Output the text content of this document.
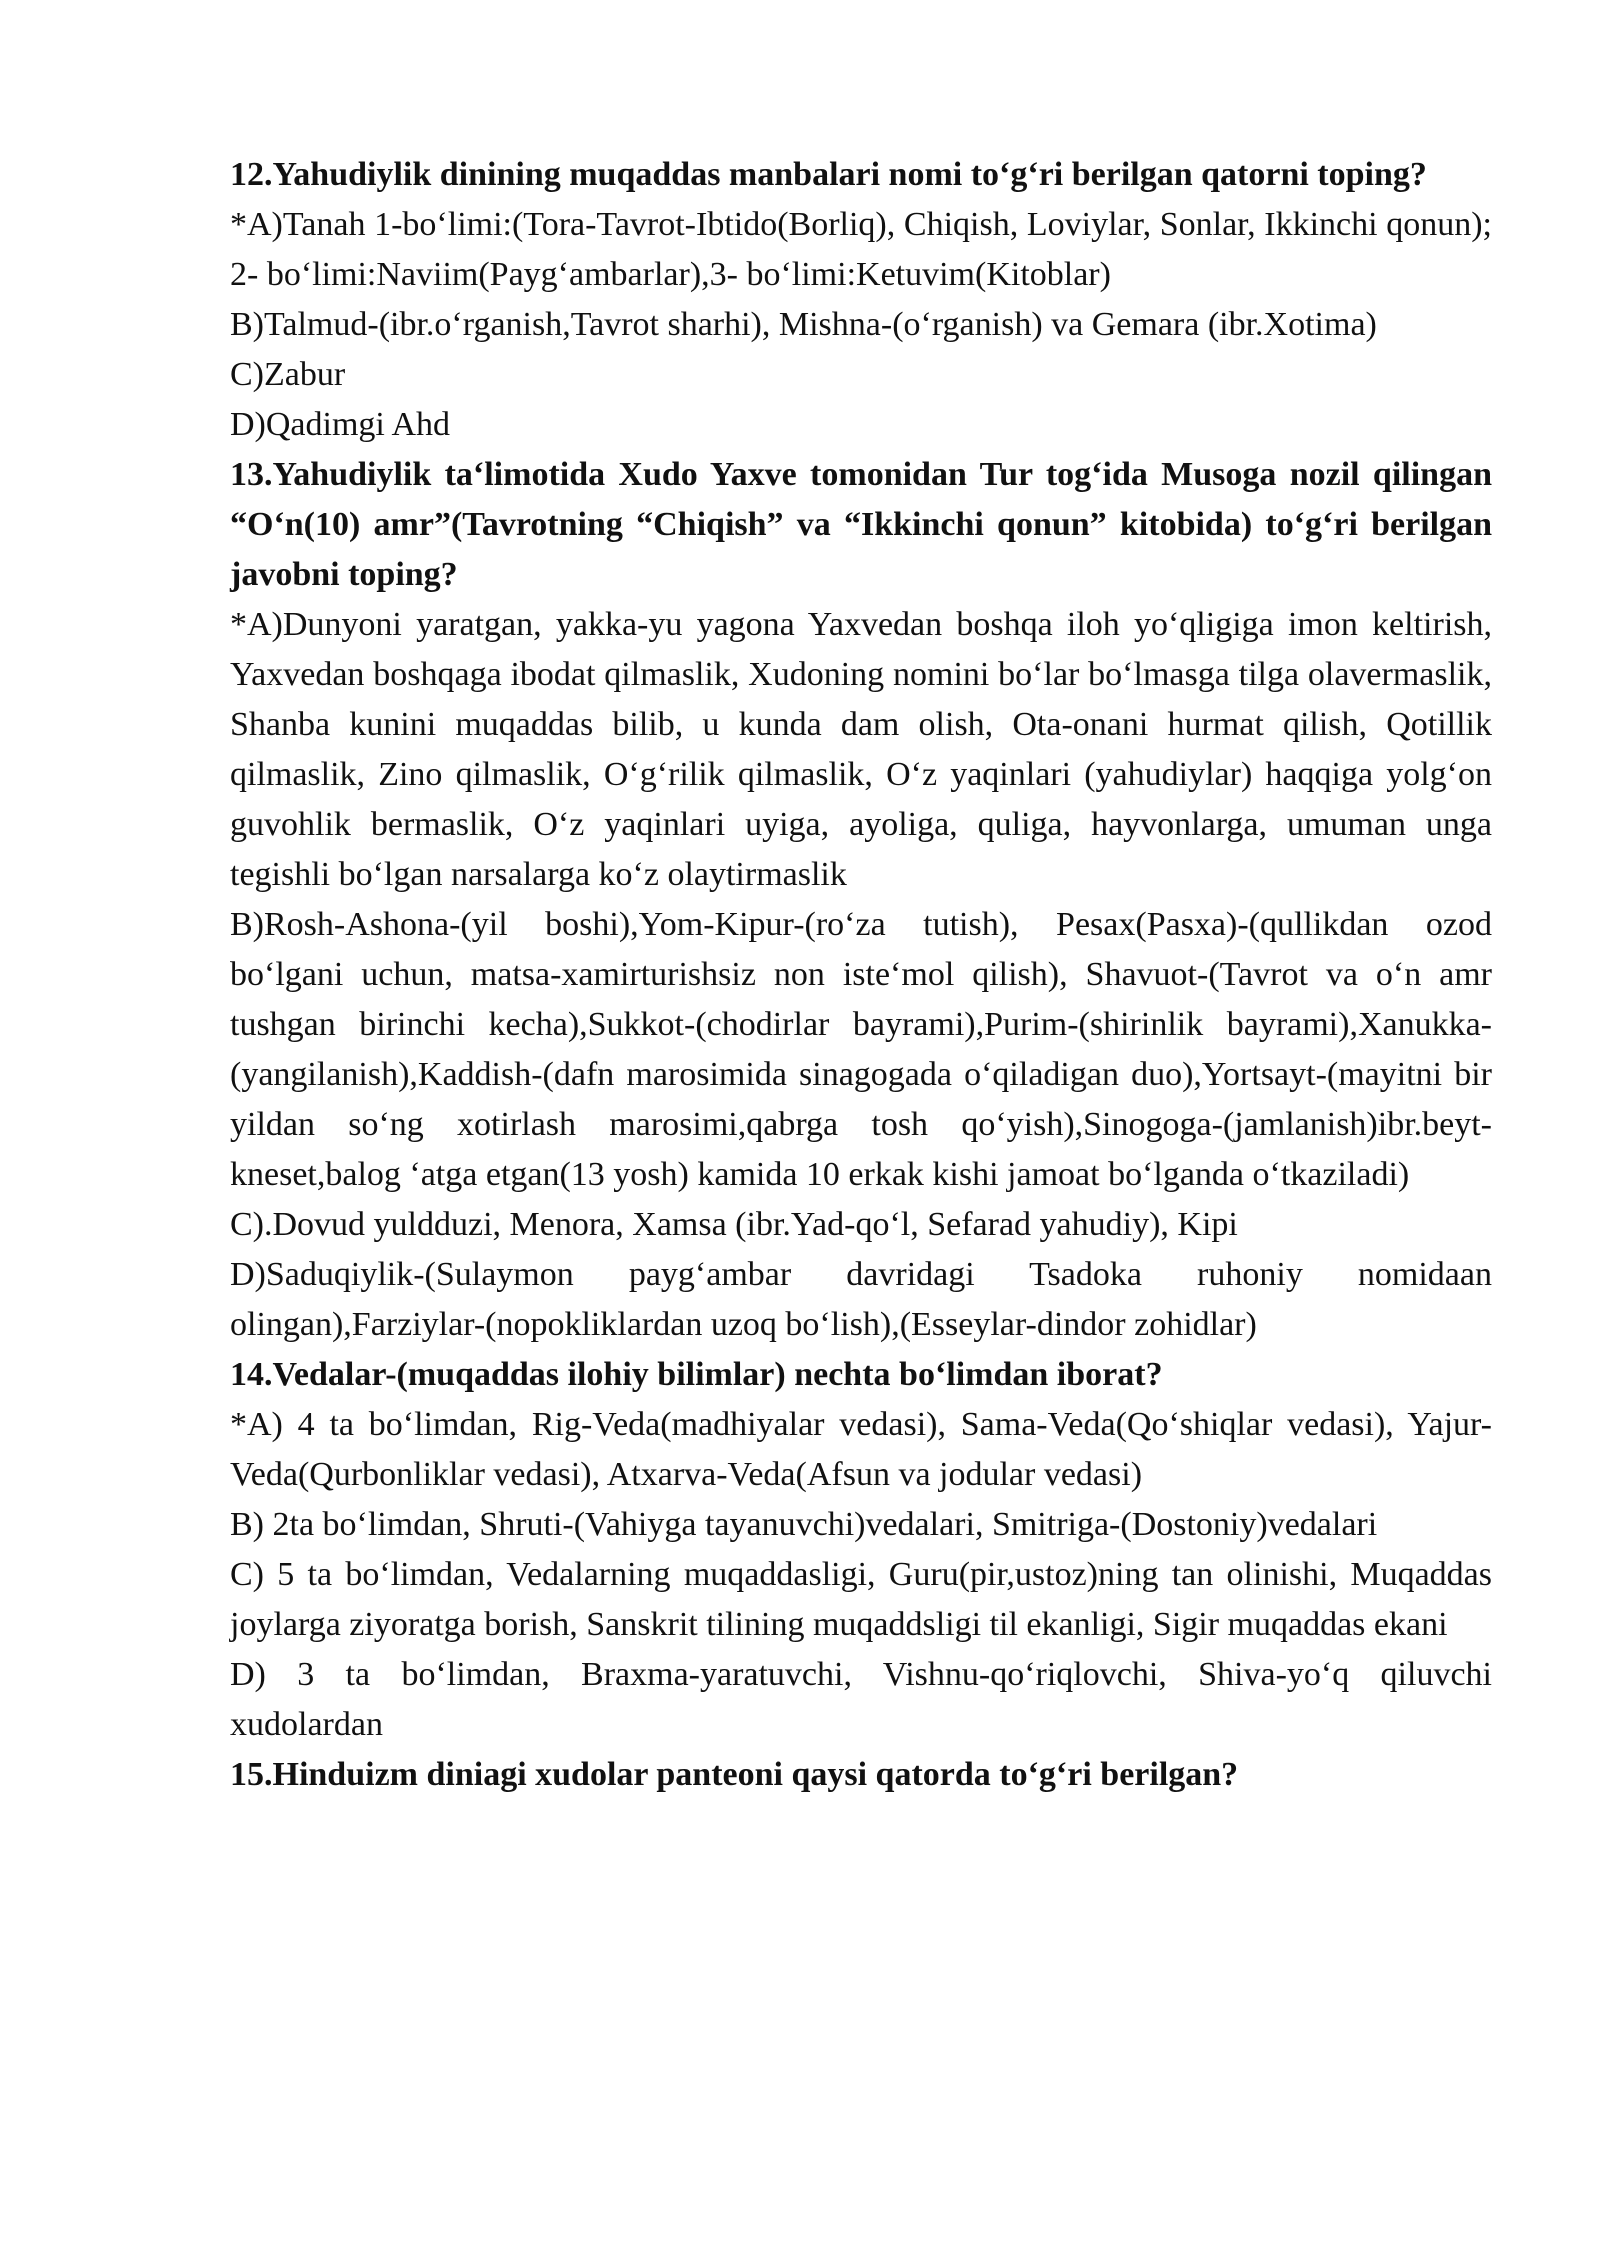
12.Yahudiylik dinining muqaddas manbalari nomi to‘g‘ri berilgan qatorni toping?

*A)Tanah 1-bo‘limi:(Tora-Tavrot-Ibtido(Borliq), Chiqish, Loviylar, Sonlar, Ikkinchi qonun); 2- bo‘limi:Naviim(Payg‘ambarlar),3- bo‘limi:Ketuvim(Kitoblar)

B)Talmud-(ibr.o‘rganish,Tavrot sharhi), Mishna-(o‘rganish) va Gemara (ibr.Xotima)

C)Zabur

D)Qadimgi Ahd

13.Yahudiylik ta‘limotida Xudo Yaxve tomonidan Tur tog‘ida Musoga nozil qilingan “O‘n(10) amr”(Tavrotning “Chiqish” va “Ikkinchi qonun” kitobida) to‘g‘ri berilgan javobni toping?

*A)Dunyoni yaratgan, yakka-yu yagona Yaxvedan boshqa iloh yo‘qligiga imon keltirish, Yaxvedan boshqaga ibodat qilmaslik, Xudoning nomini bo‘lar bo‘lmasga tilga olavermaslik, Shanba kunini muqaddas bilib, u kunda dam olish, Ota-onani hurmat qilish, Qotillik qilmaslik, Zino qilmaslik, O‘g‘rilik qilmaslik, O‘z yaqinlari (yahudiylar) haqqiga yolg‘on guvohlik bermaslik, O‘z yaqinlari uyiga, ayoliga, quliga, hayvonlarga, umuman unga tegishli bo‘lgan narsalarga ko‘z olaytirmaslik

B)Rosh-Ashona-(yil boshi),Yom-Kipur-(ro‘za tutish), Pesax(Pasxa)-(qullikdan ozod bo‘lgani uchun, matsa-xamirturishsiz non iste‘mol qilish), Shavuot-(Tavrot va o‘n amr tushgan birinchi kecha),Sukkot-(chodirlar bayrami),Purim-(shirinlik bayrami),Xanukka-(yangilanish),Kaddish-(dafn marosimida sinagogada o‘qiladigan duo),Yortsayt-(mayitni bir yildan so‘ng xotirlash marosimi,qabrga tosh qo‘yish),Sinogoga-(jamlanish)ibr.beyt-kneset,balog ‘atga etgan(13 yosh) kamida 10 erkak kishi jamoat bo‘lganda o‘tkaziladi)

C).Dovud yuldduzi, Menora, Xamsa (ibr.Yad-qo‘l, Sefarad yahudiy), Kipi

D)Saduqiylik-(Sulaymon payg‘ambar davridagi Tsadoka ruhoniy nomidaan olingan),Farziylar-(nopokliklardan uzoq bo‘lish),(Esseylar-dindor zohidlar)

14.Vedalar-(muqaddas ilohiy bilimlar) nechta bo‘limdan iborat?

*A) 4 ta bo‘limdan, Rig-Veda(madhiyalar vedasi), Sama-Veda(Qo‘shiqlar vedasi), Yajur-Veda(Qurbonliklar vedasi), Atxarva-Veda(Afsun va jodular vedasi)

B) 2ta bo‘limdan, Shruti-(Vahiyga tayanuvchi)vedalari, Smitriga-(Dostoniy)vedalari

C) 5 ta bo‘limdan, Vedalarning muqaddasligi, Guru(pir,ustoz)ning tan olinishi, Muqaddas joylarga ziyoratga borish, Sanskrit tilining muqaddsligi til ekanligi, Sigir muqaddas ekani

D) 3 ta bo‘limdan, Braxma-yaratuvchi, Vishnu-qo‘riqlovchi, Shiva-yo‘q qiluvchi xudolardan

15.Hinduizm diniagi xudolar panteoni qaysi qatorda to‘g‘ri berilgan?
